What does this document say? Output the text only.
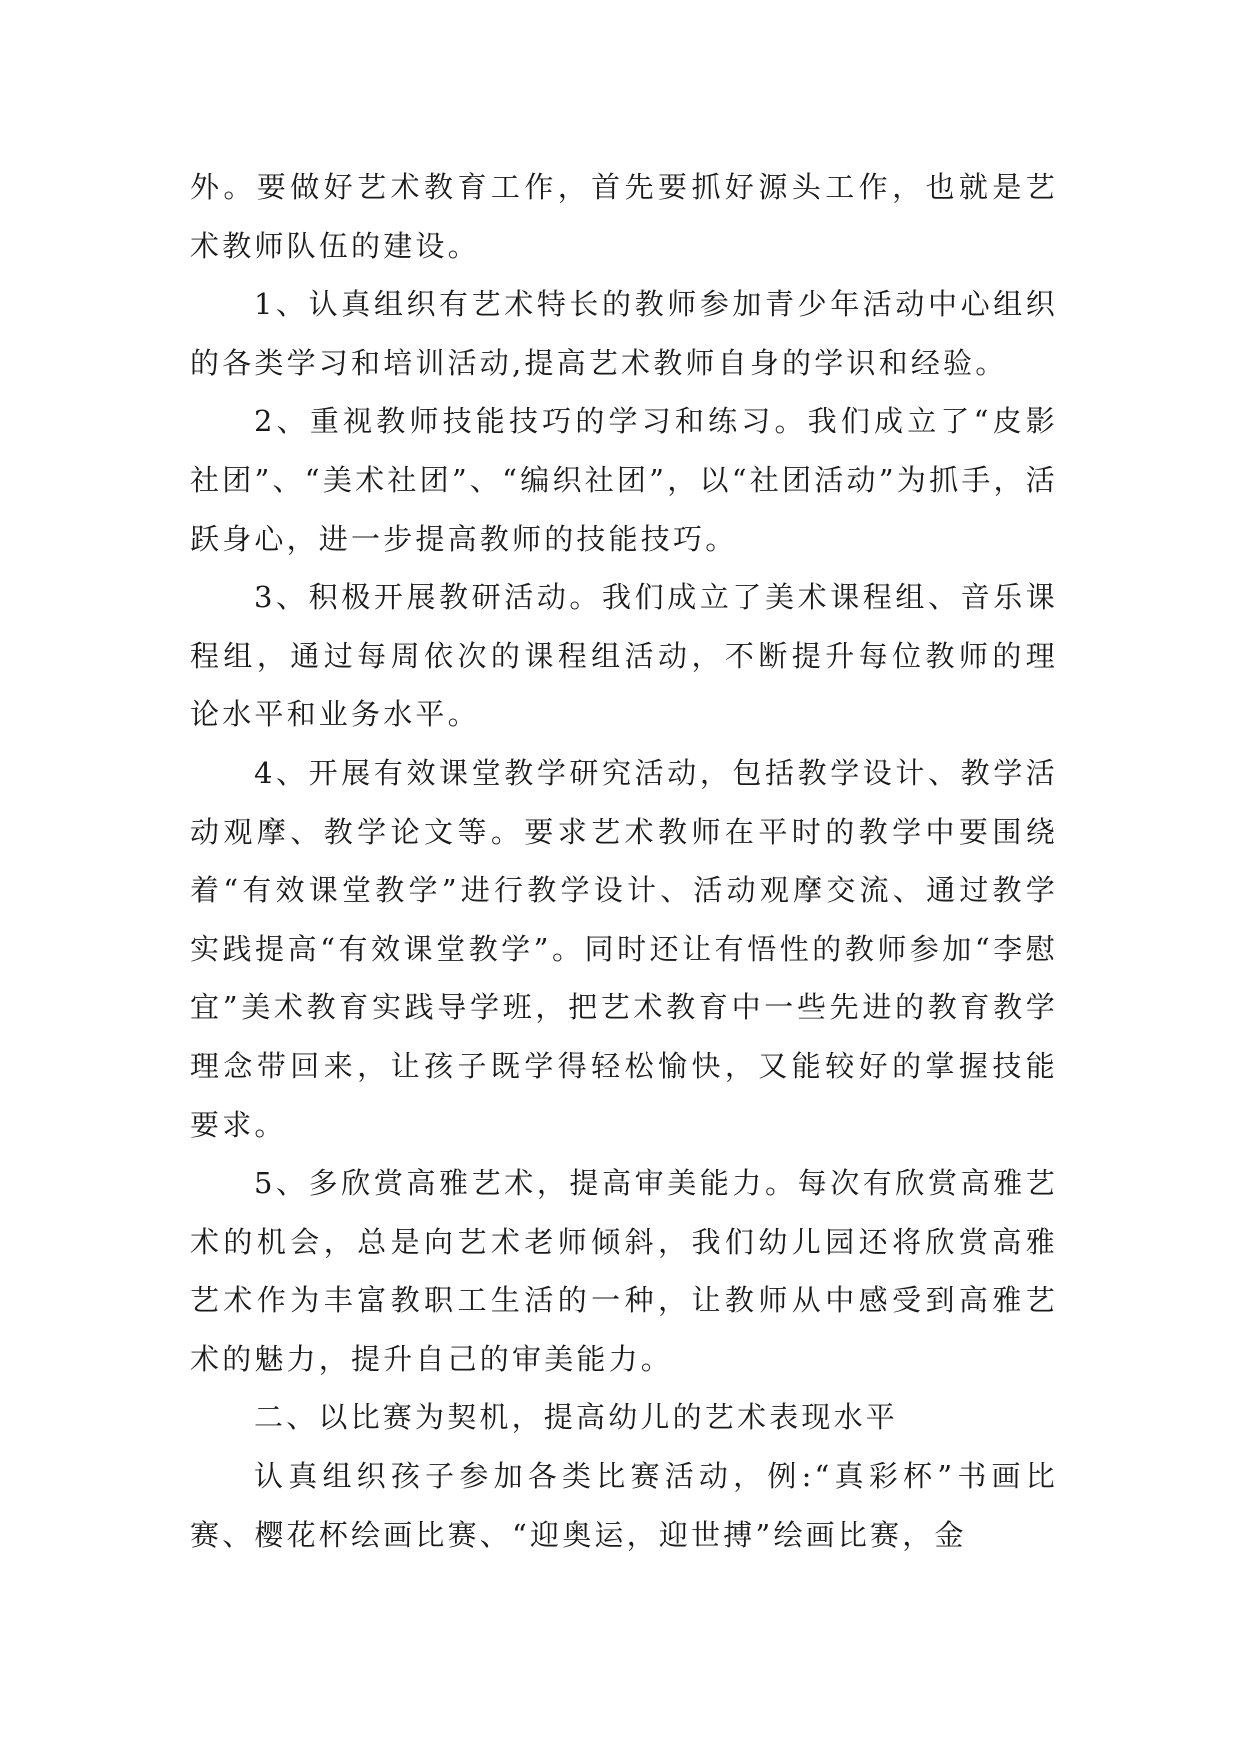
外。要做好艺术教育工作，首先要抓好源头工作，也就是艺术教师队伍的建设。

1、认真组织有艺术特长的教师参加青少年活动中心组织的各类学习和培训活动,提高艺术教师自身的学识和经验。

2、重视教师技能技巧的学习和练习。我们成立了“皮影社团”、“美术社团”、“编织社团”，以“社团活动”为抓手，活跃身心，进一步提高教师的技能技巧。

3、积极开展教研活动。我们成立了美术课程组、音乐课程组，通过每周依次的课程组活动，不断提升每位教师的理论水平和业务水平。

4、开展有效课堂教学研究活动，包括教学设计、教学活动观摩、教学论文等。要求艺术教师在平时的教学中要围绕着“有效课堂教学”进行教学设计、活动观摩交流、通过教学实践提高“有效课堂教学”。同时还让有悟性的教师参加“李慰宜”美术教育实践导学班，把艺术教育中一些先进的教育教学理念带回来，让孩子既学得轻松愉快，又能较好的掌握技能要求。

5、多欣赏高雅艺术，提高审美能力。每次有欣赏高雅艺术的机会，总是向艺术老师倾斜，我们幼儿园还将欣赏高雅艺术作为丰富教职工生活的一种，让教师从中感受到高雅艺术的魅力，提升自己的审美能力。

二、以比赛为契机，提高幼儿的艺术表现水平

认真组织孩子参加各类比赛活动，例:“真彩杯”书画比赛、樱花杯绘画比赛、“迎奥运，迎世搏”绘画比赛，金
